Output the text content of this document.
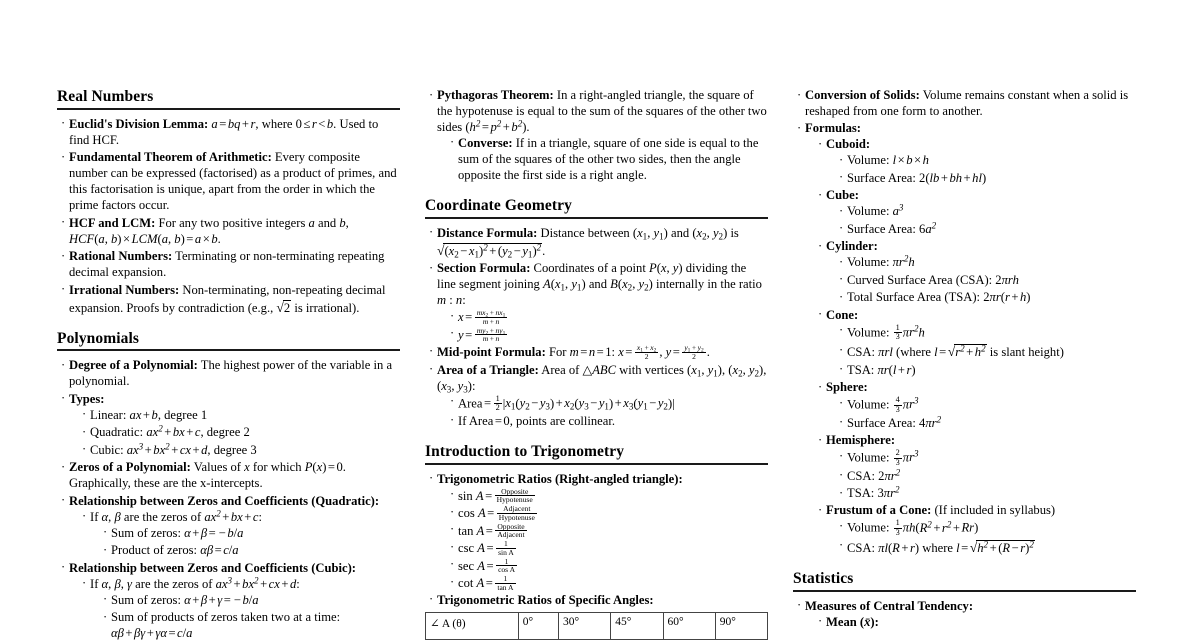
Real Numbers
· Euclid's Division Lemma: a = bq + r, where 0 ≤ r < b. Used to find HCF.
· Fundamental Theorem of Arithmetic: Every composite number can be expressed (factorised) as a product of primes, and this factorisation is unique, apart from the order in which the prime factors occur.
· HCF and LCM: For any two positive integers a and b,
HCF(a, b) × LCM(a, b) = a × b.
· Rational Numbers: Terminating or non-terminating repeating decimal expansion.
· Irrational Numbers: Non-terminating, non-repeating decimal expansion. Proofs by contradiction (e.g., √2 is irrational).
Polynomials
· Degree of a Polynomial: The highest power of the variable in a polynomial.
· Types:
· Linear: ax + b, degree 1
· Quadratic: $ax^2$ + bx + c, degree 2
· Cubic: $ax^3 + bx^2$ + cx + d, degree 3
· Zeros of a Polynomial: Values of x for which P(x) = 0. Graphically, these are the x-intercepts.
· Relationship between Zeros and Coefficients (Quadratic):
· If α, β are the zeros of $ax^2$ + bx + c:
· Sum of zeros: α + β = − b/a
· Product of zeros: αβ = c/a
· Relationship between Zeros and Coefficients (Cubic):
· If α, β, γ are the zeros of $ax^3 + bx^2$ + cx + d:
· Sum of zeros: α + β + γ = − b/a
· Sum of products of zeros taken two at a time: αβ + βγ + γα = c/a
· Pythagoras Theorem: In a right-angled triangle, the square of the hypotenuse is equal to the sum of the squares of the other two sides $(h^2 = p^2 + b^2)$.
· Converse: If in a triangle, square of one side is equal to the sum of the squares of the other two sides, then the angle opposite the first side is a right angle.
Coordinate Geometry
· Distance Formula: Distance between ($x_1$, $y_1$) and ($x_2$, $y_2$) is
$√(x_2 - x_1)^2 + (y_2 - y_1)^2$.
· Section Formula: Coordinates of a point P(x, y) dividing the line segment joining $A(x_1$, $y_1$) and $B(x_2$, $y_2$) internally in the ratio m : n:
· $x = \frac{mx_2 + nx_1}{m + n}$
· $y = \frac{my_2 + ny_1}{m + n}$
· Mid-point Formula: For m = n = 1: $x = \frac{x_1 + x_2}{2}$ , $y = \frac{y_1 + y_2}{2}$ .
· Area of a Triangle: Area of △ABC with vertices ($x_1$, $y_1$), ($x_2$, $y_2$), ($x_3$, $y_3$):
· Area = $\frac{1}{2} |x_1(y_2 - y_3) + x_2(y_3 - y_1) + x_3(y_1 - y_2)|$
· If Area = 0, points are collinear.
Introduction to Trigonometry
· Trigonometric Ratios (Right-angled triangle):
· $\sin A = \frac{\text{Opposite}}{\text{Hypotenuse}}$
· $\cos A = \frac{\text{Adjacent}}{\text{Hypotenuse}}$
· $\tan A = \frac{\text{Opposite}}{\text{Adjacent}}$
· $\csc A = \frac{1}{\text{sin A}}$
· $\sec A = \frac{1}{\text{cos A}}$
· $\cot A = \frac{1}{\text{tan A}}$
· Trigonometric Ratios of Specific Angles:
∠ A (θ)	0°	30°	45°	60°	90°
· Conversion of Solids: Volume remains constant when a solid is reshaped from one form to another.
· Formulas:
· Cuboid:
· Volume: l × b × h
· Surface Area: 2(lb + bh + hl)
· Cube:
· Volume: $a^3$
· Surface Area: $6a^2$
· Cylinder:
· Volume: $\pi r^2h$
· Curved Surface Area (CSA): 2πrh
· Total Surface Area (TSA): 2πr(r + h)
· Cone:
· Volume: $\frac{1}{3} \pi r^2h$
· CSA: πrl (where $l = √r^2 + h^2$ is slant height)
· TSA: πr(l + r)
· Sphere:
· Volume: $\frac{4}{3} \pi r^3$
· Surface Area: $4\pi r^2$
· Hemisphere:
· Volume: $\frac{2}{3} \pi r^3$
· CSA: $2\pi r^2$
· TSA: $3\pi r^2$
· Frustum of a Cone: (If included in syllabus)
· Volume: $\frac{1}{3} \pi h(R^2 + r^2 + Rr)$
· CSA: πl(R + r) where $l = √h^2 + (R - r)^2$
Statistics
· Measures of Central Tendency:
· Mean (x̄):
